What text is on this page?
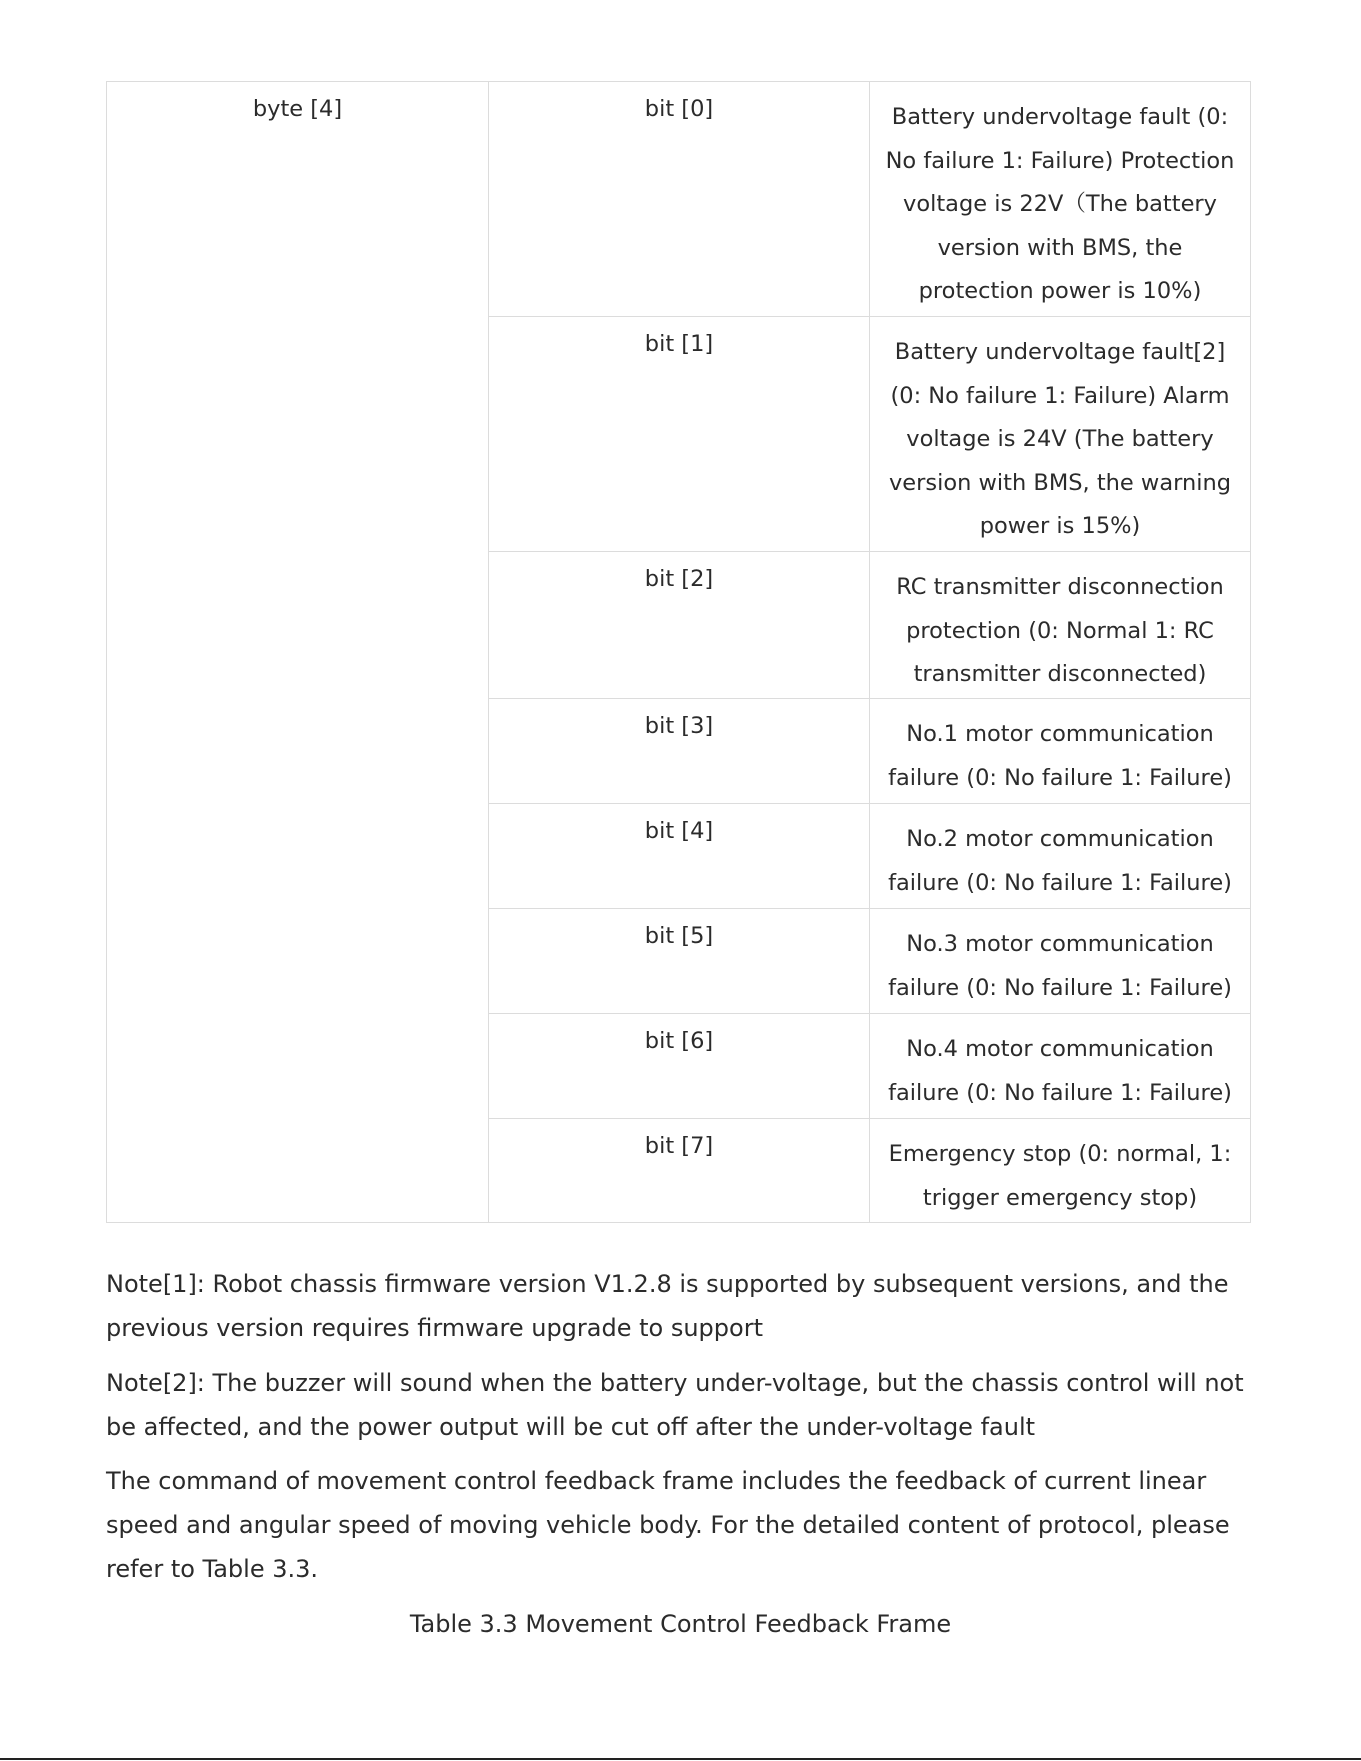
byte [4]	bit [0]	Battery undervoltage fault (0: No failure 1: Failure) Protection voltage is 22V（The battery version with BMS, the protection power is 10%)

	bit [1]	Battery undervoltage fault[2] (0: No failure 1: Failure) Alarm voltage is 24V (The battery version with BMS, the warning power is 15%)

	bit [2]	RC transmitter disconnection protection (0: Normal 1: RC transmitter disconnected)

	bit [3]	No.1 motor communication failure (0: No failure 1: Failure)

	bit [4]	No.2 motor communication failure (0: No failure 1: Failure)

	bit [5]	No.3 motor communication failure (0: No failure 1: Failure)

	bit [6]	No.4 motor communication failure (0: No failure 1: Failure)

	bit [7]	Emergency stop (0: normal, 1: trigger emergency stop)

Note[1]: Robot chassis firmware version V1.2.8 is supported by subsequent versions, and the previous version requires firmware upgrade to support

Note[2]: The buzzer will sound when the battery under-voltage, but the chassis control will not be affected, and the power output will be cut off after the under-voltage fault

The command of movement control feedback frame includes the feedback of current linear speed and angular speed of moving vehicle body. For the detailed content of protocol, please refer to Table 3.3.

Table 3.3 Movement Control Feedback Frame
